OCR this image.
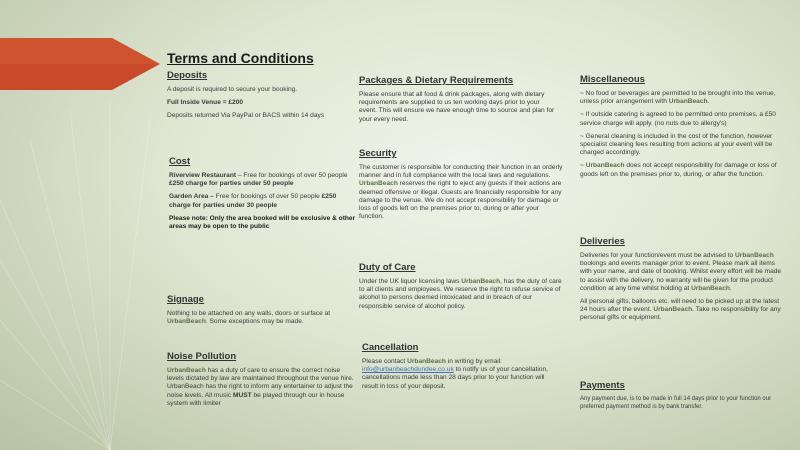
Terms and Conditions
Deposits

A deposit is required to secure your booking.

Full Inside Venue = £200

Deposits returned Via PayPal or BACS within 14 days

Cost

Riverview Restaurant – Free for bookings of over 50 people £250 charge for parties under 50 people

Garden Area – Free for bookings of over 50 people £250 charge for parties under 30 people

Please note: Only the area booked will be exclusive & other areas may be open to the public

Signage

Nothing to be attached on any walls, doors or surface at UrbanBeach. Some exceptions may be made.

Noise Pollution

UrbanBeach has a duty of care to ensure the correct noise levels dictated by law are maintained throughout the venue hire. UrbanBeach has the right to inform any entertainer to adjust the noise levels. All music MUST be played through our in house system with limiter

Packages & Dietary Requirements

Please ensure that all food & drink packages, along with dietary requirements are supplied to us ten working days prior to your event. This will ensure we have enough time to source and plan for your every need.

Security

The customer is responsible for conducting their function in an orderly manner and in full compliance with the local laws and regulations. UrbanBeach reserves the right to eject any guests if their actions are deemed offensive or illegal. Guests are financially responsible for any damage to the venue. We do not accept responsibility for damage or loss of goods left on the premises prior to, during or after your function.

Duty of Care

Under the UK liquor licensing laws UrbanBeach, has the duty of care to all clients and employees. We reserve the right to refuse service of alcohol to persons deemed intoxicated and in breach of our responsible service of alcohol policy.

Cancellation

Please contact UrbanBeach in writing by email: info@urbanbeachdundee.co.uk to notify us of your cancellation, cancellations made less than 28 days prior to your function will result in loss of your deposit.

Miscellaneous

~ No food or beverages are permitted to be brought into the venue, unless prior arrangement with UrbanBeach.

~ If outside catering is agreed to be permitted onto premises, a £50 service charge will apply. (no nuts due to allergy's)

~ General cleaning is included in the cost of the function, however specialist cleaning fees resulting from actions at your event will be charged accordingly.

~ UrbanBeach does not accept responsibility for damage or loss of goods left on the premises prior to, during, or after the function.

Deliveries

Deliveries for your function/event must be advised to UrbanBeach bookings and events manager prior to event. Please mark all items with your name, and date of booking. Whilst every effort will be made to assist with the delivery, no warranty will be given for the product condition at any time whilst holding at UrbanBeach.

All personal gifts, balloons etc. will need to be picked up at the latest 24 hours after the event. UrbanBeach. Take no responsibility for any personal gifts or equipment.

Payments

Any payment due, is to be made in full 14 days prior to your function our preferred payment method is by bank transfer.
